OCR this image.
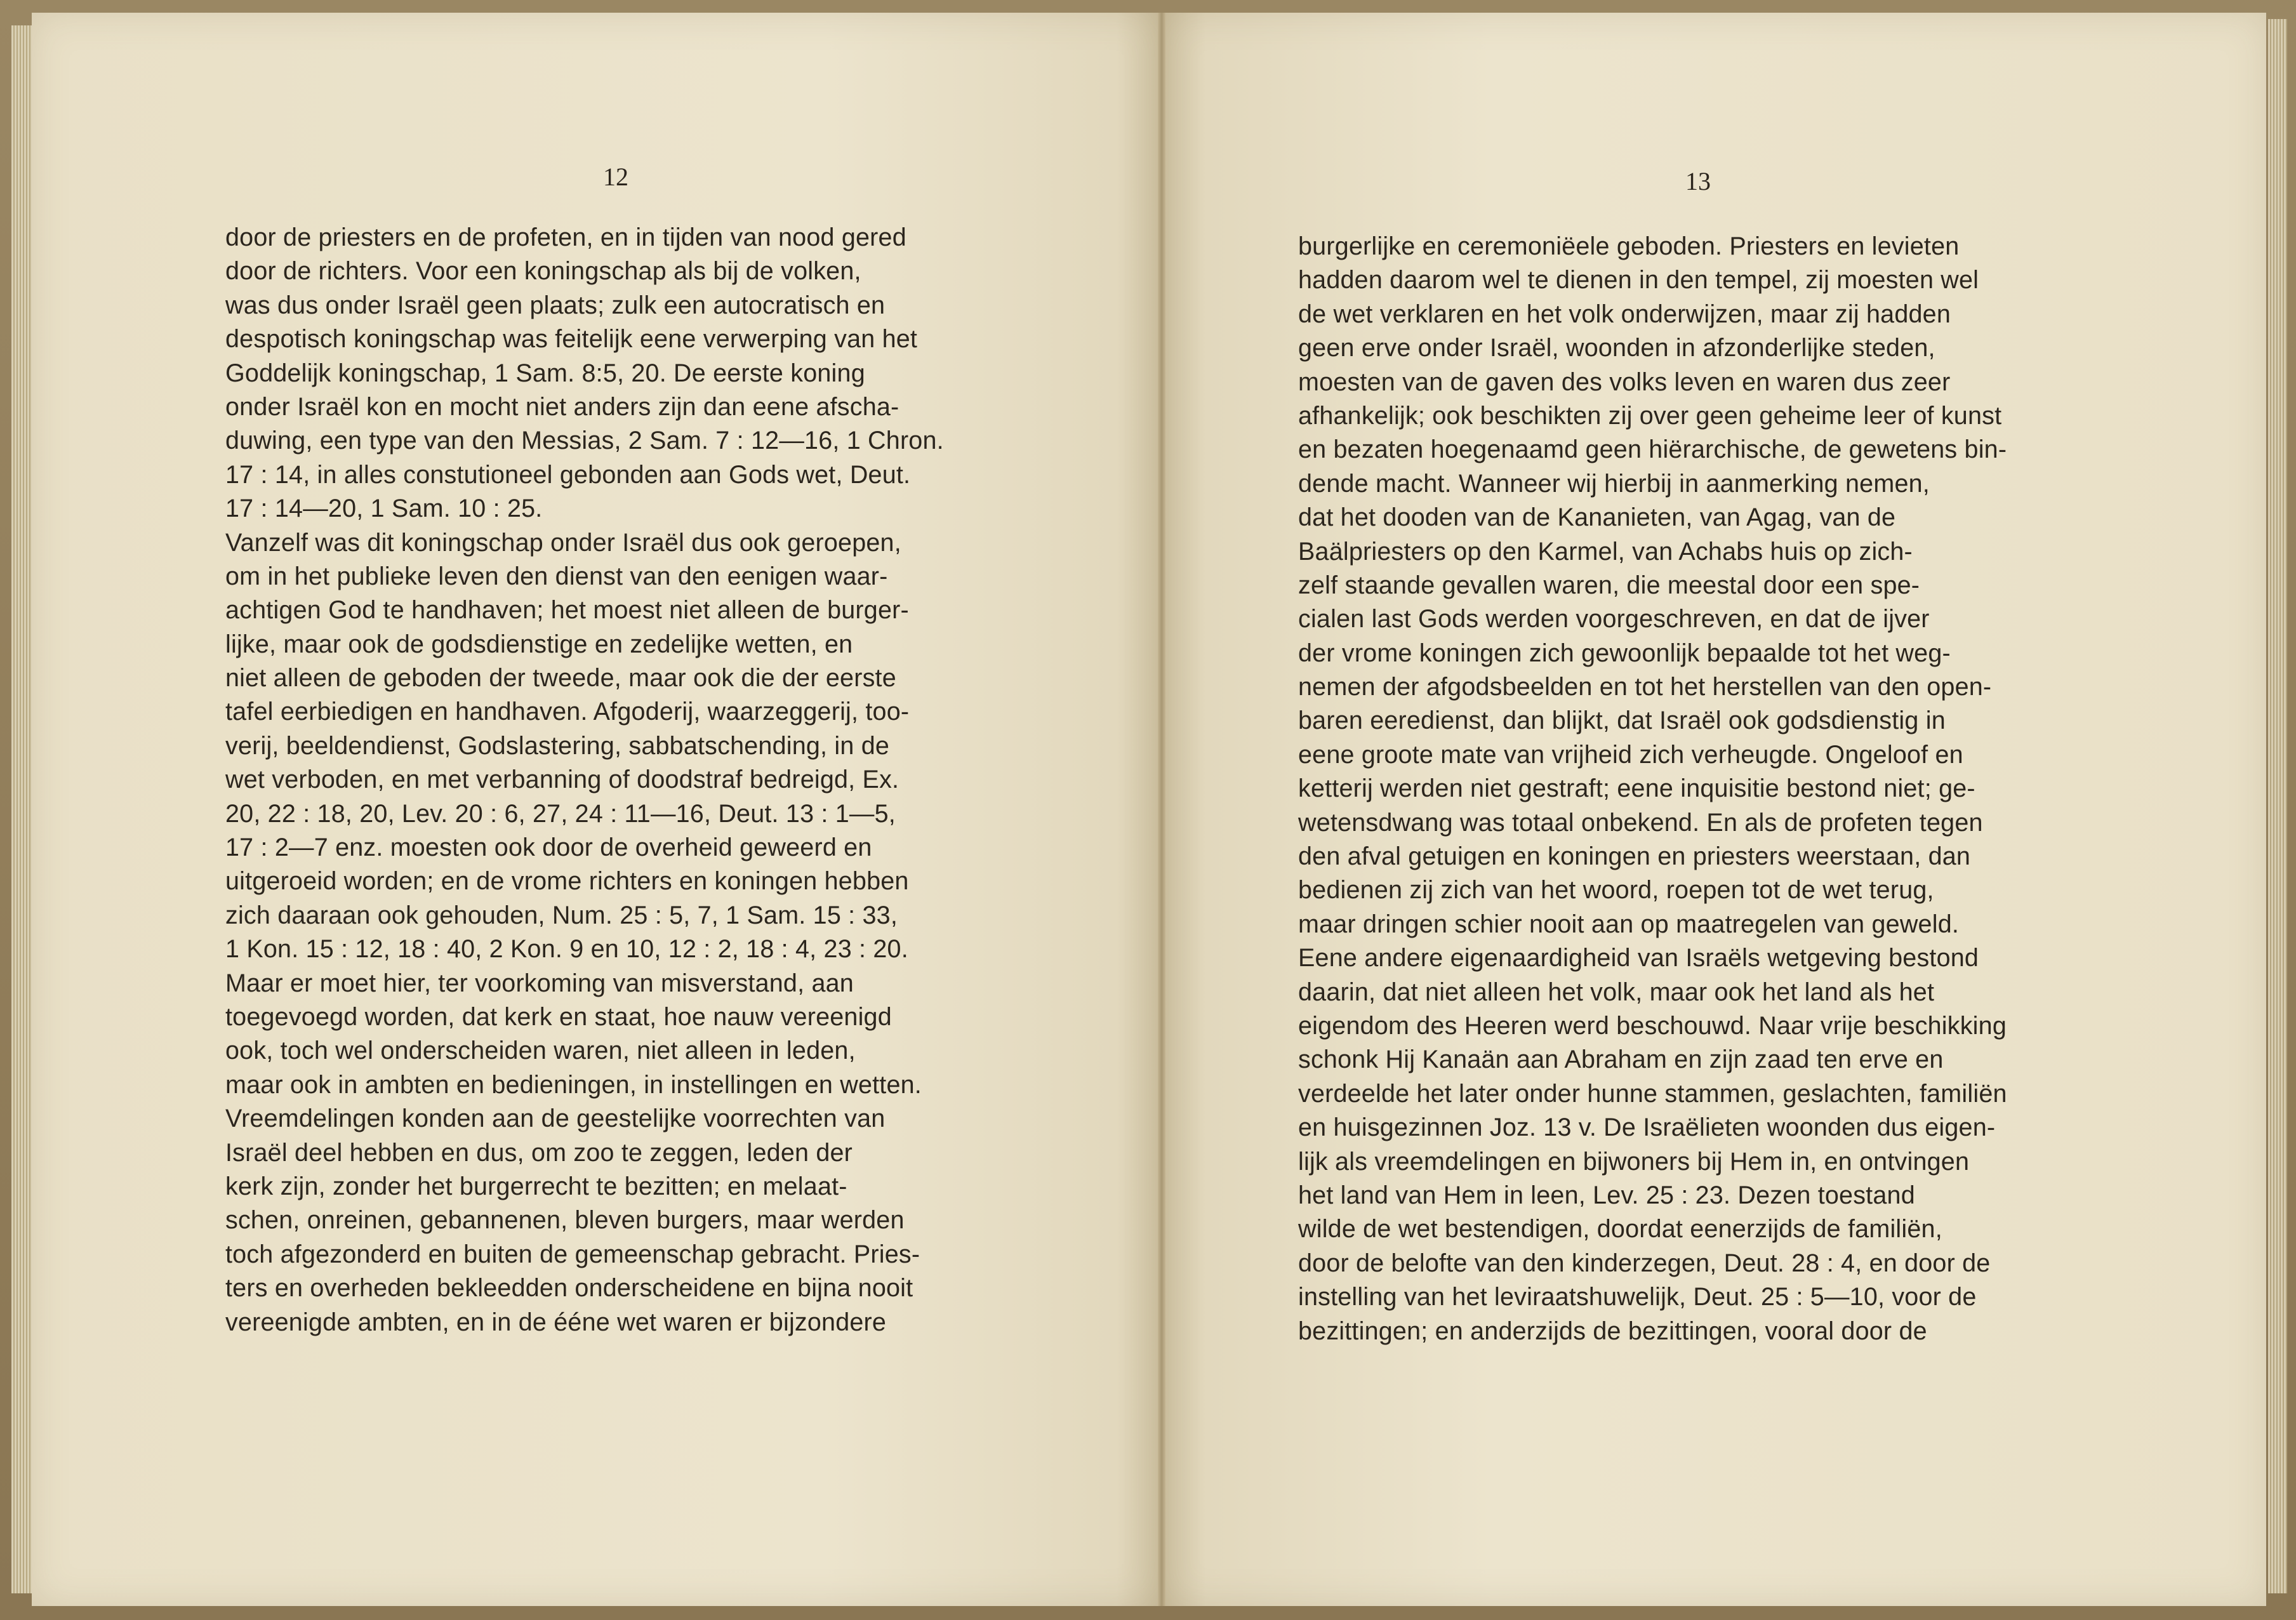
12	13
door de priesters en de profeten, en in tijden van nood gered
door de richters. Voor een koningschap als bij de volken,
was dus onder Israël geen plaats; zulk een autocratisch en
despotisch koningschap was feitelijk eene verwerping van het
Goddelijk koningschap, 1 Sam. 8:5, 20. De eerste koning
onder Israël kon en mocht niet anders zijn dan eene afscha-
duwing, een type van den Messias, 2 Sam. 7 : 12—16, 1 Chron.
17 : 14, in alles constutioneel gebonden aan Gods wet, Deut.
17 : 14—20, 1 Sam. 10 : 25.
Vanzelf was dit koningschap onder Israël dus ook geroepen,
om in het publieke leven den dienst van den eenigen waar-
achtigen God te handhaven; het moest niet alleen de burger-
lijke, maar ook de godsdienstige en zedelijke wetten, en
niet alleen de geboden der tweede, maar ook die der eerste
tafel eerbiedigen en handhaven. Afgoderij, waarzeggerij, too-
verij, beeldendienst, Godslastering, sabbatschending, in de
wet verboden, en met verbanning of doodstraf bedreigd, Ex.
20, 22 : 18, 20, Lev. 20 : 6, 27, 24 : 11—16, Deut. 13 : 1—5,
17 : 2—7 enz. moesten ook door de overheid geweerd en
uitgeroeid worden; en de vrome richters en koningen hebben
zich daaraan ook gehouden, Num. 25 : 5, 7, 1 Sam. 15 : 33,
1 Kon. 15 : 12, 18 : 40, 2 Kon. 9 en 10, 12 : 2, 18 : 4, 23 : 20.
Maar er moet hier, ter voorkoming van misverstand, aan
toegevoegd worden, dat kerk en staat, hoe nauw vereenigd
ook, toch wel onderscheiden waren, niet alleen in leden,
maar ook in ambten en bedieningen, in instellingen en wetten.
Vreemdelingen konden aan de geestelijke voorrechten van
Israël deel hebben en dus, om zoo te zeggen, leden der
kerk zijn, zonder het burgerrecht te bezitten; en melaat-
schen, onreinen, gebannenen, bleven burgers, maar werden
toch afgezonderd en buiten de gemeenschap gebracht. Pries-
ters en overheden bekleedden onderscheidene en bijna nooit
vereenigde ambten, en in de ééne wet waren er bijzondere
burgerlijke en ceremoniëele geboden. Priesters en levieten
hadden daarom wel te dienen in den tempel, zij moesten wel
de wet verklaren en het volk onderwijzen, maar zij hadden
geen erve onder Israël, woonden in afzonderlijke steden,
moesten van de gaven des volks leven en waren dus zeer
afhankelijk; ook beschikten zij over geen geheime leer of kunst
en bezaten hoegenaamd geen hiërarchische, de gewetens bin-
dende macht. Wanneer wij hierbij in aanmerking nemen,
dat het dooden van de Kananieten, van Agag, van de
Baälpriesters op den Karmel, van Achabs huis op zich-
zelf staande gevallen waren, die meestal door een spe-
cialen last Gods werden voorgeschreven, en dat de ijver
der vrome koningen zich gewoonlijk bepaalde tot het weg-
nemen der afgodsbeelden en tot het herstellen van den open-
baren eeredienst, dan blijkt, dat Israël ook godsdienstig in
eene groote mate van vrijheid zich verheugde. Ongeloof en
ketterij werden niet gestraft; eene inquisitie bestond niet; ge-
wetensdwang was totaal onbekend. En als de profeten tegen
den afval getuigen en koningen en priesters weerstaan, dan
bedienen zij zich van het woord, roepen tot de wet terug,
maar dringen schier nooit aan op maatregelen van geweld.
Eene andere eigenaardigheid van Israëls wetgeving bestond
daarin, dat niet alleen het volk, maar ook het land als het
eigendom des Heeren werd beschouwd. Naar vrije beschikking
schonk Hij Kanaän aan Abraham en zijn zaad ten erve en
verdeelde het later onder hunne stammen, geslachten, familiën
en huisgezinnen Joz. 13 v. De Israëlieten woonden dus eigen-
lijk als vreemdelingen en bijwoners bij Hem in, en ontvingen
het land van Hem in leen, Lev. 25 : 23. Dezen toestand
wilde de wet bestendigen, doordat eenerzijds de familiën,
door de belofte van den kinderzegen, Deut. 28 : 4, en door de
instelling van het leviraatshuwelijk, Deut. 25 : 5—10, voor de
bezittingen; en anderzijds de bezittingen, vooral door de
